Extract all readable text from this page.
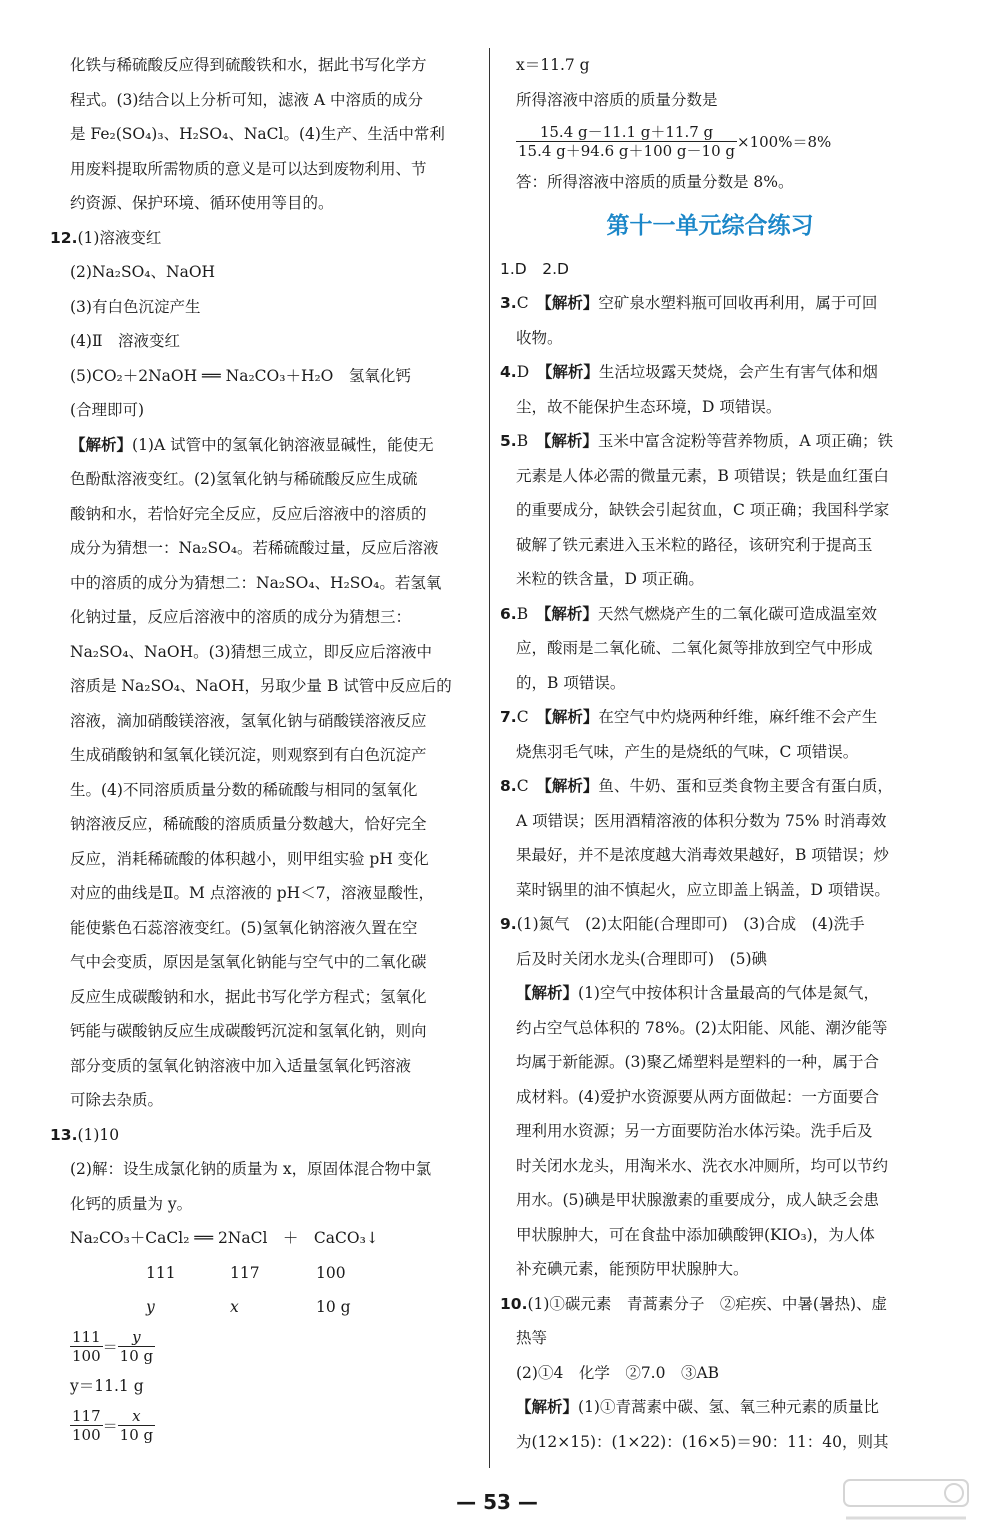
化铁与稀硫酸反应得到硫酸铁和水，据此书写化学方

程式。(3)结合以上分析可知，滤液 A 中溶质的成分

是 Fe₂(SO₄)₃、H₂SO₄、NaCl。(4)生产、生活中常利

用废料提取所需物质的意义是可以达到废物利用、节

约资源、保护环境、循环使用等目的。

12.(1)溶液变红

(2)Na₂SO₄、NaOH

(3)有白色沉淀产生

(4)Ⅱ　溶液变红

(5)CO₂＋2NaOH ══ Na₂CO₃＋H₂O　氢氧化钙

(合理即可)

【解析】(1)A 试管中的氢氧化钠溶液显碱性，能使无

色酚酞溶液变红。(2)氢氧化钠与稀硫酸反应生成硫

酸钠和水，若恰好完全反应，反应后溶液中的溶质的

成分为猜想一：Na₂SO₄。若稀硫酸过量，反应后溶液

中的溶质的成分为猜想二：Na₂SO₄、H₂SO₄。若氢氧

化钠过量，反应后溶液中的溶质的成分为猜想三：

Na₂SO₄、NaOH。(3)猜想三成立，即反应后溶液中

溶质是 Na₂SO₄、NaOH，另取少量 B 试管中反应后的

溶液，滴加硝酸镁溶液，氢氧化钠与硝酸镁溶液反应

生成硝酸钠和氢氧化镁沉淀，则观察到有白色沉淀产

生。(4)不同溶质质量分数的稀硫酸与相同的氢氧化

钠溶液反应，稀硫酸的溶质质量分数越大，恰好完全

反应，消耗稀硫酸的体积越小，则甲组实验 pH 变化

对应的曲线是Ⅱ。M 点溶液的 pH＜7，溶液显酸性，

能使紫色石蕊溶液变红。(5)氢氧化钠溶液久置在空

气中会变质，原因是氢氧化钠能与空气中的二氧化碳

反应生成碳酸钠和水，据此书写化学方程式；氢氧化

钙能与碳酸钠反应生成碳酸钙沉淀和氢氧化钠，则向

部分变质的氢氧化钠溶液中加入适量氢氧化钙溶液

可除去杂质。

13.(1)10

(2)解：设生成氯化钠的质量为 x，原固体混合物中氯

化钙的质量为 y。

Na₂CO₃＋CaCl₂ ══ 2NaCl　＋　CaCO₃↓

111	117	100
y	x	10 g
$\frac{111}{100} = \frac{y}{10 g}$

y＝11.1 g

$\frac{117}{100} = \frac{x}{10 g}$

x＝11.7 g

所得溶液中溶质的质量分数是

$\frac{15.4 g-11.1 g+11.7 g}{15.4 g+94.6 g+100 g-10 g} \times 100\%=8\%$

答：所得溶液中溶质的质量分数是 8%。

第十一单元综合练习

1.D　2.D

3.C　 【解析】空矿泉水塑料瓶可回收再利用，属于可回

收物。

4.D　 【解析】生活垃圾露天焚烧，会产生有害气体和烟

尘，故不能保护生态环境，D 项错误。

5.B　 【解析】玉米中富含淀粉等营养物质，A 项正确；铁

元素是人体必需的微量元素，B 项错误；铁是血红蛋白

的重要成分，缺铁会引起贫血，C 项正确；我国科学家

破解了铁元素进入玉米粒的路径，该研究利于提高玉

米粒的铁含量，D 项正确。

6.B　 【解析】天然气燃烧产生的二氧化碳可造成温室效

应，酸雨是二氧化硫、二氧化氮等排放到空气中形成

的，B 项错误。

7.C　 【解析】在空气中灼烧两种纤维，麻纤维不会产生

烧焦羽毛气味，产生的是烧纸的气味，C 项错误。

8.C　 【解析】鱼、牛奶、蛋和豆类食物主要含有蛋白质，

A 项错误；医用酒精溶液的体积分数为 75% 时消毒效

果最好，并不是浓度越大消毒效果越好，B 项错误；炒

菜时锅里的油不慎起火，应立即盖上锅盖，D 项错误。

9.(1)氮气　(2)太阳能(合理即可)　(3)合成　(4)洗手

后及时关闭水龙头(合理即可)　(5)碘

【解析】(1)空气中按体积计含量最高的气体是氮气，

约占空气总体积的 78%。(2)太阳能、风能、潮汐能等

均属于新能源。(3)聚乙烯塑料是塑料的一种，属于合

成材料。(4)爱护水资源要从两方面做起：一方面要合

理利用水资源；另一方面要防治水体污染。洗手后及

时关闭水龙头，用淘米水、洗衣水冲厕所，均可以节约

用水。(5)碘是甲状腺激素的重要成分，成人缺乏会患

甲状腺肿大，可在食盐中添加碘酸钾(KIO₃)，为人体

补充碘元素，能预防甲状腺肿大。

10.(1)①碳元素　青蒿素分子　②疟疾、中暑(暑热)、虚

热等

(2)①4　化学　②7.0　③AB

【解析】(1)①青蒿素中碳、氢、氧三种元素的质量比

为(12×15)：(1×22)：(16×5)＝90：11：40，则其

— 53 —
